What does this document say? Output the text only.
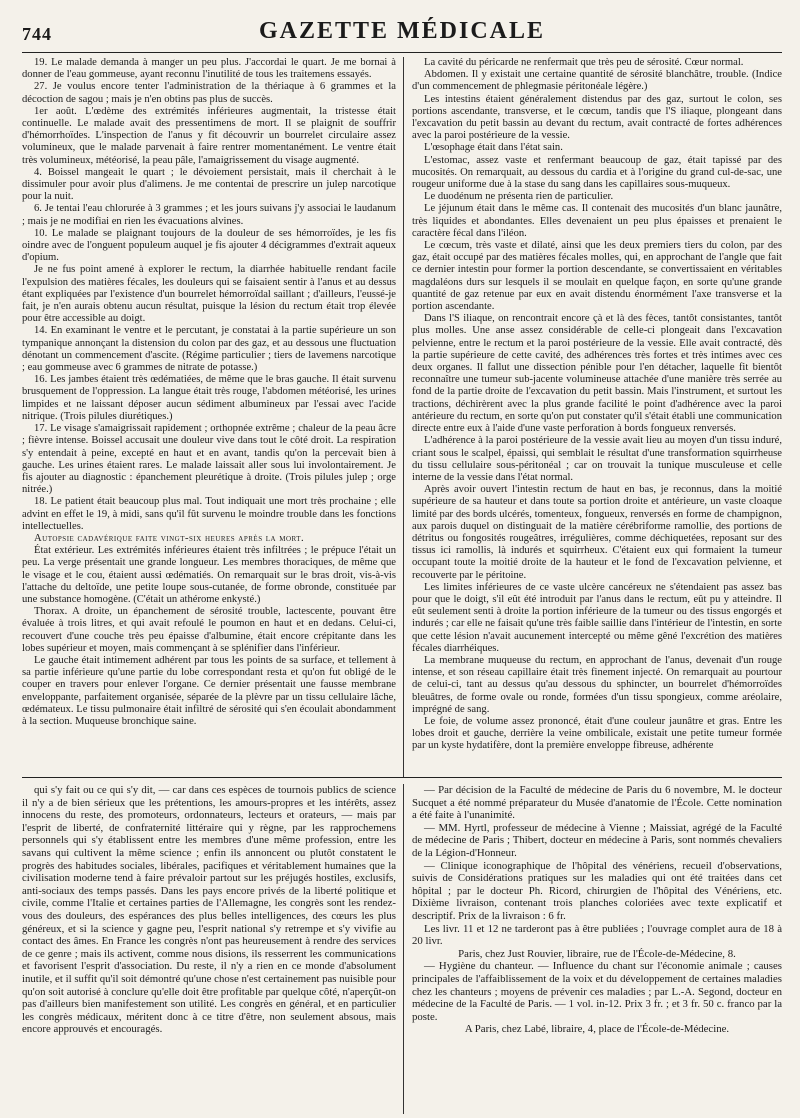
744	GAZETTE MÉDICALE

19. Le malade demanda à manger un peu plus. J'accordai le quart. Je me bornai à donner de l'eau gommeuse, ayant reconnu l'inutilité de tous les traitemens essayés.

27. Je voulus encore tenter l'administration de la thériaque à 6 grammes et la décoction de sagou ; mais je n'en obtins pas plus de succès.

1er août. L'œdème des extrémités inférieures augmentait, la tristesse était continuelle. Le malade avait des pressentimens de mort. Il se plaignit de souffrir d'hémorrhoïdes. L'inspection de l'anus y fit découvrir un bourrelet circulaire assez volumineux, que le malade parvenait à faire rentrer momentanément. Le ventre était très volumineux, météorisé, la peau pâle, l'amaigrissement du visage augmenté.

4. Boissel mangeait le quart ; le dévoiement persistait, mais il cherchait à le dissimuler pour avoir plus d'alimens. Je me contentai de prescrire un julep narcotique pour la nuit.

6. Je tentai l'eau chlorurée à 3 grammes ; et les jours suivans j'y associai le laudanum ; mais je ne modifiai en rien les évacuations alvines.

10. Le malade se plaignant toujours de la douleur de ses hémorroïdes, je les fis oindre avec de l'onguent populeum auquel je fis ajouter 4 décigrammes d'extrait aqueux d'opium.

Je ne fus point amené à explorer le rectum, la diarrhée habituelle rendant facile l'expulsion des matières fécales, les douleurs qui se faisaient sentir à l'anus et au dessus étant expliquées par l'existence d'un bourrelet hémorroïdal saillant ; d'ailleurs, l'eussé-je fait, je n'en aurais obtenu aucun résultat, puisque la lésion du rectum était trop élevée pour être accessible au doigt.

14. En examinant le ventre et le percutant, je constatai à la partie supérieure un son tympanique annonçant la distension du colon par des gaz, et au dessous une fluctuation dénotant un commencement d'ascite. (Régime particulier ; tiers de lavemens narcotique ; eau gommeuse avec 6 grammes de nitrate de potasse.)

16. Les jambes étaient très œdématiées, de même que le bras gauche. Il était survenu brusquement de l'oppression. La langue était très rouge, l'abdomen météorisé, les urines limpides et ne laissant déposer aucun sédiment albumineux par l'essai avec l'acide nitrique. (Trois pilules diurétiques.)

17. Le visage s'amaigrissait rapidement ; orthopnée extrême ; chaleur de la peau âcre ; fièvre intense. Boissel accusait une douleur vive dans tout le côté droit. La respiration s'y entendait à peine, excepté en haut et en avant, tandis qu'on la percevait bien à gauche. Les urines étaient rares. Le malade laissait aller sous lui involontairement. Je fis ajouter au diagnostic : épanchement pleurétique à droite. (Trois pilules julep ; orge nitrée.)

18. Le patient était beaucoup plus mal. Tout indiquait une mort très prochaine ; elle advint en effet le 19, à midi, sans qu'il fût survenu le moindre trouble dans les fonctions intellectuelles.

Autopsie cadavérique faite vingt-six heures après la mort.

État extérieur. Les extrémités inférieures étaient très infiltrées ; le prépuce l'était un peu. La verge présentait une grande longueur. Les membres thoraciques, de même que le visage et le cou, étaient aussi œdématiés. On remarquait sur le bras droit, vis-à-vis l'attache du deltoïde, une petite loupe sous-cutanée, de forme obronde, constituée par une substance homogène. (C'était un athérome enkysté.)

Thorax. A droite, un épanchement de sérosité trouble, lactescente, pouvant être évaluée à trois litres, et qui avait refoulé le poumon en haut et en dedans. Celui-ci, recouvert d'une couche très peu épaisse d'albumine, était encore crépitante dans les lobes supérieur et moyen, mais commençant à se splénifier dans l'inférieur.

Le gauche était intimement adhérent par tous les points de sa surface, et tellement à sa partie inférieure qu'une partie du lobe correspondant resta et qu'on fut obligé de le couper en travers pour enlever l'organe. Ce dernier présentait une fausse membrane enveloppante, parfaitement organisée, séparée de la plèvre par un tissu cellulaire lâche, œdémateux. Le tissu pulmonaire était infiltré de sérosité qui s'en écoulait abondamment à la section. Muqueuse bronchique saine.

La cavité du péricarde ne renfermait que très peu de sérosité. Cœur normal.

Abdomen. Il y existait une certaine quantité de sérosité blanchâtre, trouble. (Indice d'un commencement de phlegmasie péritonéale légère.)

Les intestins étaient généralement distendus par des gaz, surtout le colon, ses portions ascendante, transverse, et le cœcum, tandis que l'S iliaque, plongeant dans l'excavation du petit bassin au devant du rectum, avait contracté de fortes adhérences avec la paroi postérieure de la vessie.

L'œsophage était dans l'état sain.

L'estomac, assez vaste et renfermant beaucoup de gaz, était tapissé par des mucosités. On remarquait, au dessous du cardia et à l'origine du grand cul-de-sac, une rougeur uniforme due à la stase du sang dans les capillaires sous-muqueux.

Le duodénum ne présenta rien de particulier.

Le jéjunum était dans le même cas. Il contenait des mucosités d'un blanc jaunâtre, très liquides et abondantes. Elles devenaient un peu plus épaisses et prenaient le caractère fécal dans l'iléon.

Le cœcum, très vaste et dilaté, ainsi que les deux premiers tiers du colon, par des gaz, était occupé par des matières fécales molles, qui, en approchant de l'angle que fait ce dernier intestin pour former la portion descendante, se convertissaient en véritables magdaléons durs sur lesquels il se moulait en quelque façon, en sorte qu'une grande quantité de gaz retenue par eux en avait distendu énormément l'axe transverse et la portion ascendante.

Dans l'S iliaque, on rencontrait encore çà et là des fèces, tantôt consistantes, tantôt plus molles. Une anse assez considérable de celle-ci plongeait dans l'excavation pelvienne, entre le rectum et la paroi postérieure de la vessie. Elle avait contracté, dès la partie supérieure de cette cavité, des adhérences très fortes et très intimes avec ces deux organes. Il fallut une dissection pénible pour l'en détacher, laquelle fit bientôt reconnaître une tumeur sub-jacente volumineuse attachée d'une manière très serrée au fond de la partie droite de l'excavation du petit bassin. Mais l'instrument, et surtout les tractions, déchirèrent avec la plus grande facilité le point d'adhérence avec la paroi antérieure du rectum, en sorte qu'on put constater qu'il s'était établi une communication directe entre eux à l'aide d'une vaste perforation à bords fongueux renversés.

L'adhérence à la paroi postérieure de la vessie avait lieu au moyen d'un tissu induré, criant sous le scalpel, épaissi, qui semblait le résultat d'une transformation squirrheuse du tissu cellulaire sous-péritonéal ; car on trouvait la tunique musculeuse et celle interne de la vessie dans l'état normal.

Après avoir ouvert l'intestin rectum de haut en bas, je reconnus, dans la moitié supérieure de sa hauteur et dans toute sa portion droite et antérieure, un vaste cloaque limité par des bords ulcérés, tomenteux, fongueux, renversés en forme de champignon, aux parois duquel on distinguait de la matière cérébriforme ramollie, des portions de détritus ou fongosités rougeâtres, irrégulières, comme déchiquetées, reposant sur des tissus ici ramollis, là indurés et squirrheux. C'étaient eux qui formaient la tumeur occupant toute la moitié droite de la hauteur et le fond de l'excavation pelvienne, et recouverte par le péritoine.

Les limites inférieures de ce vaste ulcère cancéreux ne s'étendaient pas assez bas pour que le doigt, s'il eût été introduit par l'anus dans le rectum, eût pu y atteindre. Il eût seulement senti à droite la portion inférieure de la tumeur ou des tissus engorgés et indurés ; car elle ne faisait qu'une très faible saillie dans l'intérieur de l'intestin, en sorte que cette lésion n'avait aucunement intercepté ou même gêné l'excrétion des matières fécales diarrhéiques.

La membrane muqueuse du rectum, en approchant de l'anus, devenait d'un rouge intense, et son réseau capillaire était très finement injecté. On remarquait au pourtour de celui-ci, tant au dessus qu'au dessous du sphincter, un bourrelet d'hémorroïdes bleuâtres, de forme ovale ou ronde, formées d'un tissu spongieux, comme aréolaire, imprégné de sang.

Le foie, de volume assez prononcé, était d'une couleur jaunâtre et gras. Entre les lobes droit et gauche, derrière la veine ombilicale, existait une petite tumeur formée par un kyste hydatifère, dont la première enveloppe fibreuse, adhérente

qui s'y fait ou ce qui s'y dit, — car dans ces espèces de tournois publics de science il n'y a de bien sérieux que les prétentions, les amours-propres et les intérêts, assez innocens du reste, des promoteurs, ordonnateurs, lecteurs et orateurs, — mais par l'esprit de liberté, de confraternité littéraire qui y règne, par les rapprochemens personnels qui s'y établissent entre les membres d'une même profession, entre les savans qui cultivent la même science ; enfin ils annoncent ou plutôt constatent le progrès des habitudes sociales, libérales, pacifiques et véritablement humaines que la civilisation moderne tend à faire prévaloir partout sur les préjugés hostiles, exclusifs, anti-sociaux des temps passés. Dans les pays encore privés de la liberté politique et civile, comme l'Italie et certaines parties de l'Allemagne, les congrès sont les rendez-vous des douleurs, des espérances des plus belles intelligences, des cœurs les plus généreux, et si la science y gagne peu, l'esprit national s'y retrempe et s'y vivifie au contact des âmes. En France les congrès n'ont pas heureusement à rendre des services de ce genre ; mais ils activent, comme nous disions, ils resserrent les communications et favorisent l'esprit d'association. Du reste, il n'y a rien en ce monde d'absolument inutile, et il suffit qu'il soit démontré qu'une chose n'est certainement pas nuisible pour qu'on soit autorisé à conclure qu'elle doit être profitable par quelque côté, n'aperçût-on pas d'ailleurs bien manifestement son utilité. Les congrès en général, et en particulier les congrès médicaux, méritent donc à ce titre d'être, non seulement absous, mais encore approuvés et encouragés.

— Par décision de la Faculté de médecine de Paris du 6 novembre, M. le docteur Sucquet a été nommé préparateur du Musée d'anatomie de l'École. Cette nomination a été faite à l'unanimité.

— MM. Hyrtl, professeur de médecine à Vienne ; Maissiat, agrégé de la Faculté de médecine de Paris ; Thibert, docteur en médecine à Paris, sont nommés chevaliers de la Légion-d'Honneur.

— Clinique iconographique de l'hôpital des vénériens, recueil d'observations, suivis de Considérations pratiques sur les maladies qui ont été traitées dans cet hôpital ; par le docteur Ph. Ricord, chirurgien de l'hôpital des Vénériens, etc. Dixième livraison, contenant trois planches coloriées avec texte explicatif et descriptif. Prix de la livraison : 6 fr.

Les livr. 11 et 12 ne tarderont pas à être publiées ; l'ouvrage complet aura de 18 à 20 livr.

Paris, chez Just Rouvier, libraire, rue de l'École-de-Médecine, 8.

— Hygiène du chanteur. — Influence du chant sur l'économie animale ; causes principales de l'affaiblissement de la voix et du développement de certaines maladies chez les chanteurs ; moyens de prévenir ces maladies ; par L.-A. Segond, docteur en médecine de la Faculté de Paris. — 1 vol. in-12. Prix 3 fr. ; et 3 fr. 50 c. franco par la poste.

A Paris, chez Labé, libraire, 4, place de l'École-de-Médecine.
